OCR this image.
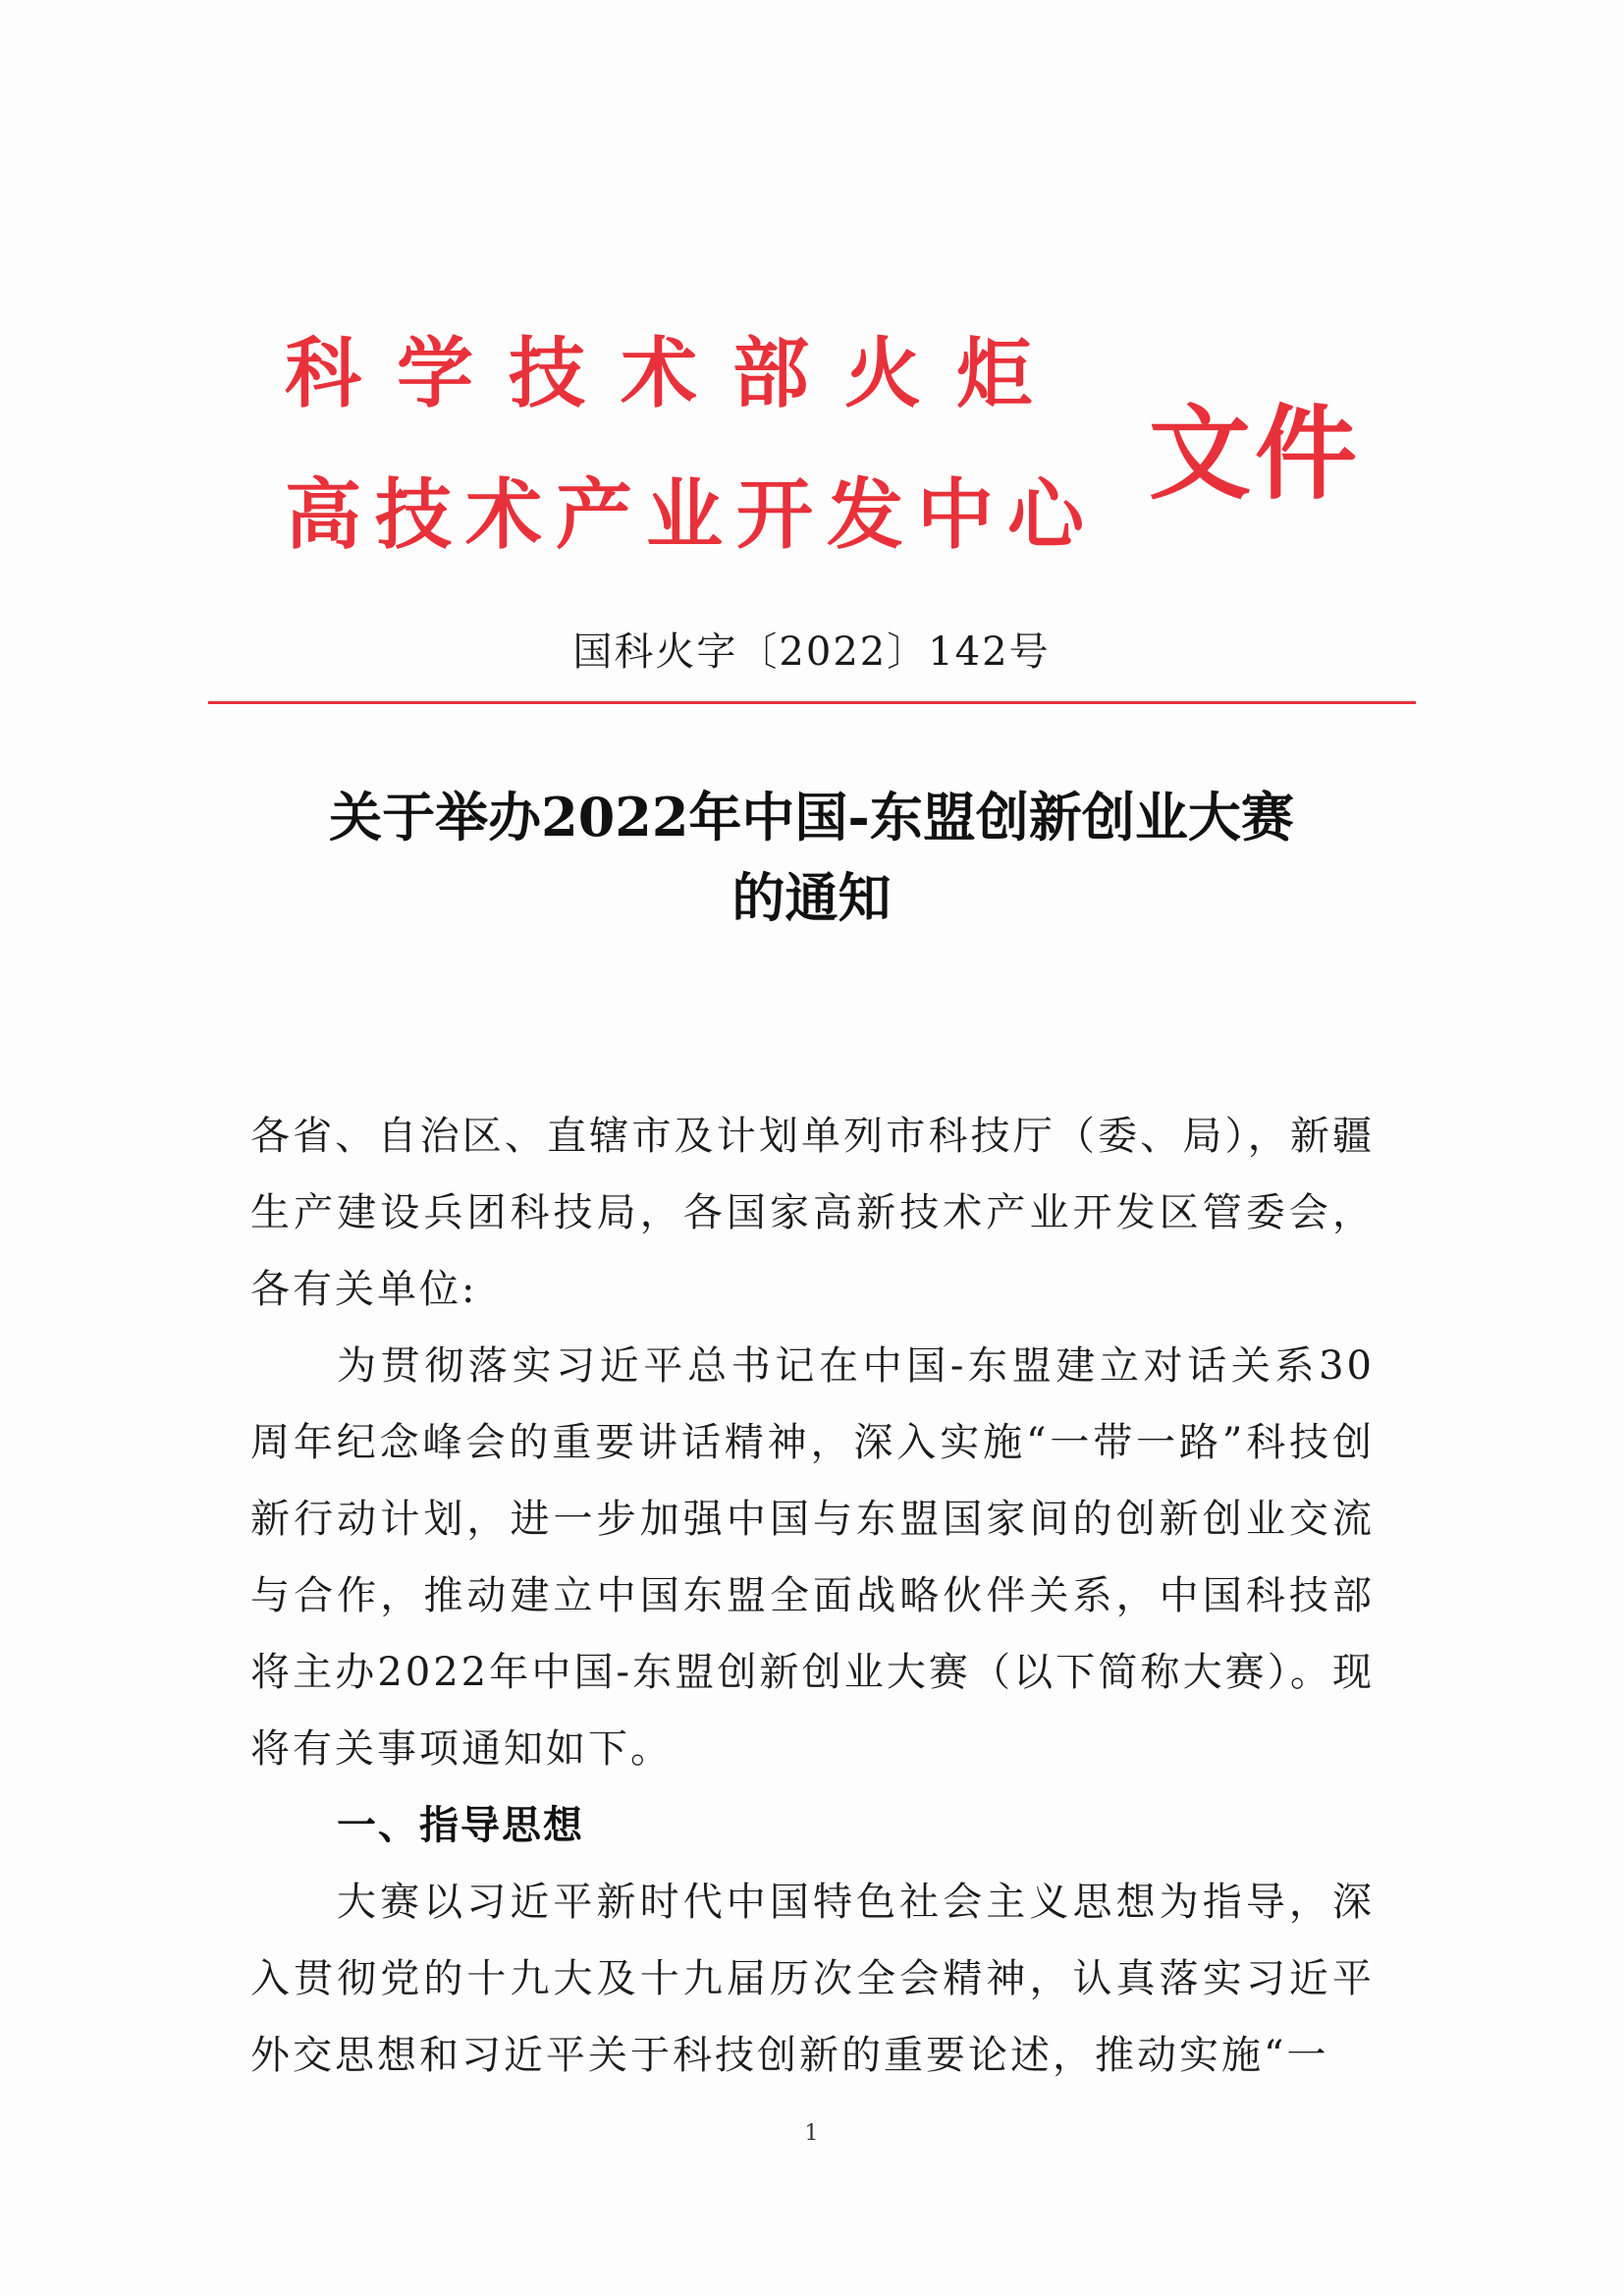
科学技术部火炬
高技术产业开发中心
文件
国科火字〔2022〕142号
关于举办2022年中国-东盟创新创业大赛
的通知
各省、自治区、直辖市及计划单列市科技厅（委、局），新疆生产建设兵团科技局，各国家高新技术产业开发区管委会，各有关单位:
为贯彻落实习近平总书记在中国-东盟建立对话关系30周年纪念峰会的重要讲话精神，深入实施“一带一路”科技创新行动计划，进一步加强中国与东盟国家间的创新创业交流与合作，推动建立中国东盟全面战略伙伴关系，中国科技部将主办2022年中国-东盟创新创业大赛（以下简称大赛）。现将有关事项通知如下。
一、指导思想
大赛以习近平新时代中国特色社会主义思想为指导，深入贯彻党的十九大及十九届历次全会精神，认真落实习近平外交思想和习近平关于科技创新的重要论述，推动实施“一
1
